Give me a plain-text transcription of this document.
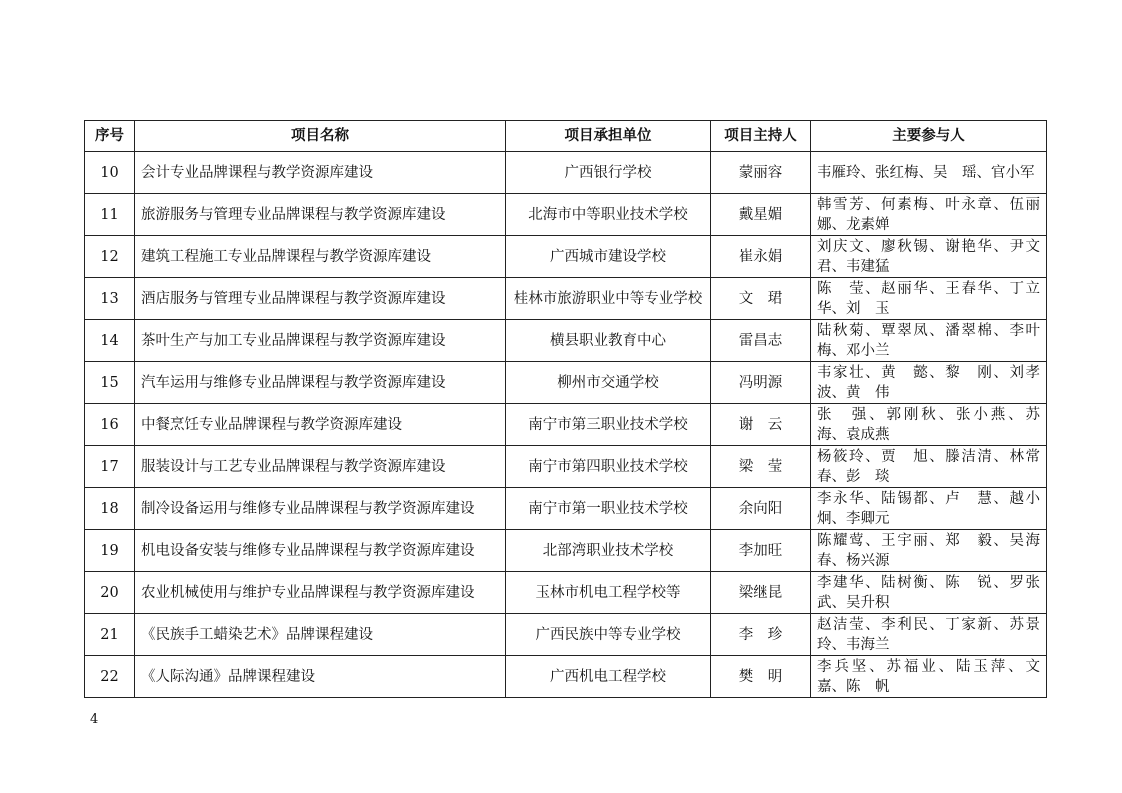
序号	项目名称	项目承担单位	项目主持人	主要参与人
10	会计专业品牌课程与教学资源库建设	广西银行学校	蒙丽容	韦雁玲、张红梅、吴　瑶、官小军
11	旅游服务与管理专业品牌课程与教学资源库建设	北海市中等职业技术学校	戴星媚	韩雪芳、何素梅、叶永章、伍丽娜、龙素婵
12	建筑工程施工专业品牌课程与教学资源库建设	广西城市建设学校	崔永娟	刘庆文、廖秋锡、谢艳华、尹文君、韦建猛
13	酒店服务与管理专业品牌课程与教学资源库建设	桂林市旅游职业中等专业学校	文　珺	陈　莹、赵丽华、王春华、丁立华、刘　玉
14	茶叶生产与加工专业品牌课程与教学资源库建设	横县职业教育中心	雷昌志	陆秋菊、覃翠凤、潘翠棉、李叶梅、邓小兰
15	汽车运用与维修专业品牌课程与教学资源库建设	柳州市交通学校	冯明源	韦家壮、黄　懿、黎　刚、刘孝波、黄　伟
16	中餐烹饪专业品牌课程与教学资源库建设	南宁市第三职业技术学校	谢　云	张　强、郭刚秋、张小燕、苏　海、袁成燕
17	服装设计与工艺专业品牌课程与教学资源库建设	南宁市第四职业技术学校	梁　莹	杨筱玲、贾　旭、滕洁清、林常春、彭　琰
18	制冷设备运用与维修专业品牌课程与教学资源库建设	南宁市第一职业技术学校	余向阳	李永华、陆锡都、卢　慧、越小炯、李卿元
19	机电设备安装与维修专业品牌课程与教学资源库建设	北部湾职业技术学校	李加旺	陈耀莺、王宇丽、郑　毅、吴海春、杨兴源
20	农业机械使用与维护专业品牌课程与教学资源库建设	玉林市机电工程学校等	梁继昆	李建华、陆树衡、陈　锐、罗张武、吴升积
21	《民族手工蜡染艺术》品牌课程建设	广西民族中等专业学校	李　珍	赵洁莹、李利民、丁家新、苏景玲、韦海兰
22	《人际沟通》品牌课程建设	广西机电工程学校	樊　明	李兵坚、苏福业、陆玉萍、文　嘉、陈　帆
4
